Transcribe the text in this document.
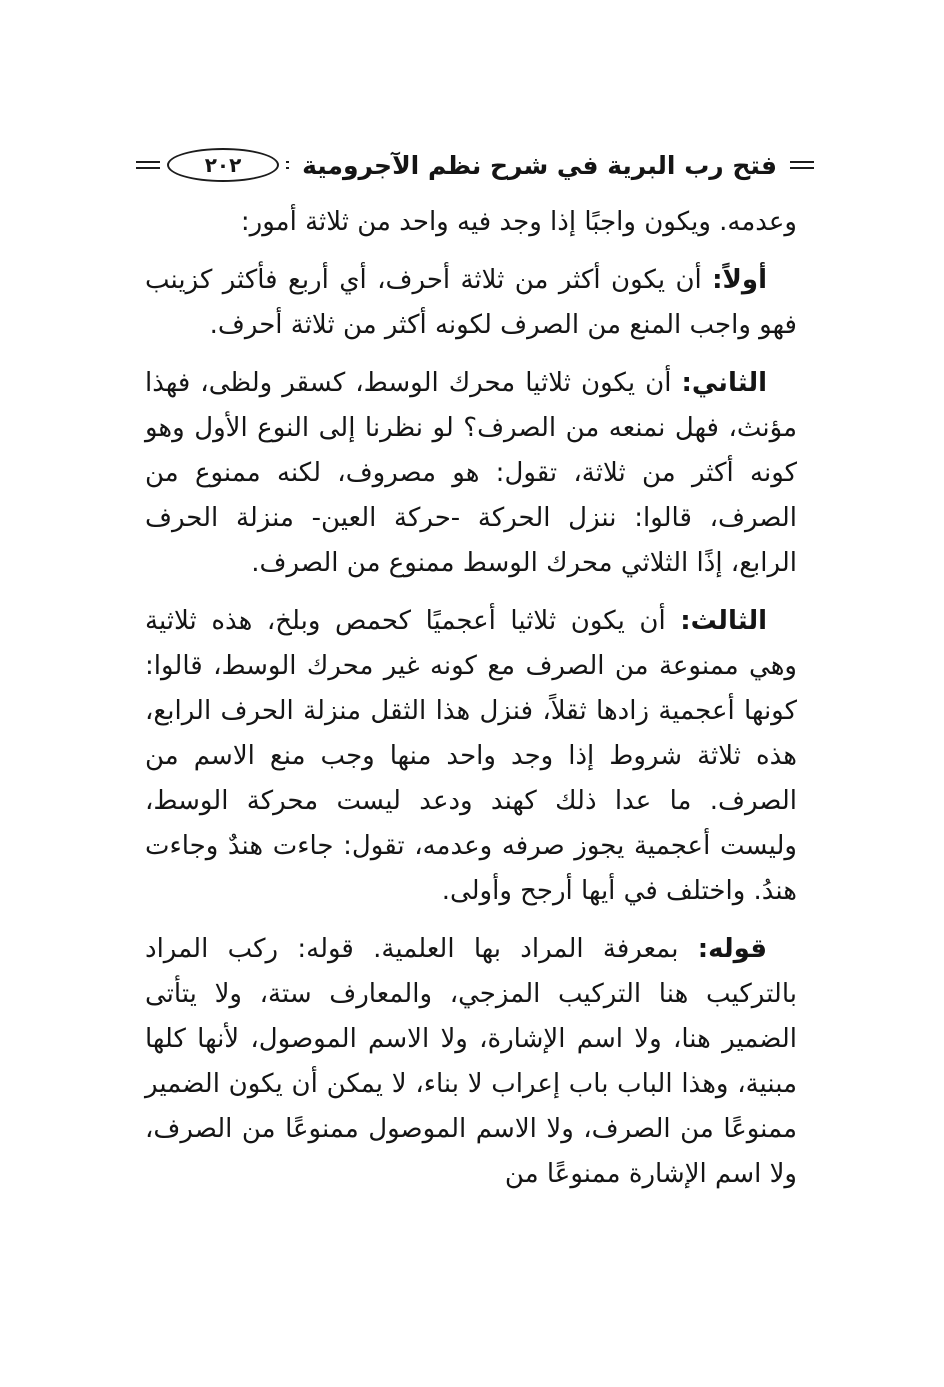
٢٠٢ فتح رب البرية في شرح نظم الآجرومية

وعدمه. ويكون واجبًا إذا وجد فيه واحد من ثلاثة أمور:

أولاً: أن يكون أكثر من ثلاثة أحرف، أي أربع فأكثر كزينب فهو واجب المنع من الصرف لكونه أكثر من ثلاثة أحرف.

الثاني: أن يكون ثلاثيا محرك الوسط، كسقر ولظى، فهذا مؤنث، فهل نمنعه من الصرف؟ لو نظرنا إلى النوع الأول وهو كونه أكثر من ثلاثة، تقول: هو مصروف، لكنه ممنوع من الصرف، قالوا: ننزل الحركة -حركة العين- منزلة الحرف الرابع، إذًا الثلاثي محرك الوسط ممنوع من الصرف.

الثالث: أن يكون ثلاثيا أعجميًا كحمص وبلخ، هذه ثلاثية وهي ممنوعة من الصرف مع كونه غير محرك الوسط، قالوا: كونها أعجمية زادها ثقلاً، فنزل هذا الثقل منزلة الحرف الرابع، هذه ثلاثة شروط إذا وجد واحد منها وجب منع الاسم من الصرف. ما عدا ذلك كهند ودعد ليست محركة الوسط، وليست أعجمية يجوز صرفه وعدمه، تقول: جاءت هندٌ وجاءت هندُ. واختلف في أيها أرجح وأولى.

قوله: بمعرفة المراد بها العلمية. قوله: ركب المراد بالتركيب هنا التركيب المزجي، والمعارف ستة، ولا يتأتى الضمير هنا، ولا اسم الإشارة، ولا الاسم الموصول، لأنها كلها مبنية، وهذا الباب باب إعراب لا بناء، لا يمكن أن يكون الضمير ممنوعًا من الصرف، ولا الاسم الموصول ممنوعًا من الصرف، ولا اسم الإشارة ممنوعًا من
